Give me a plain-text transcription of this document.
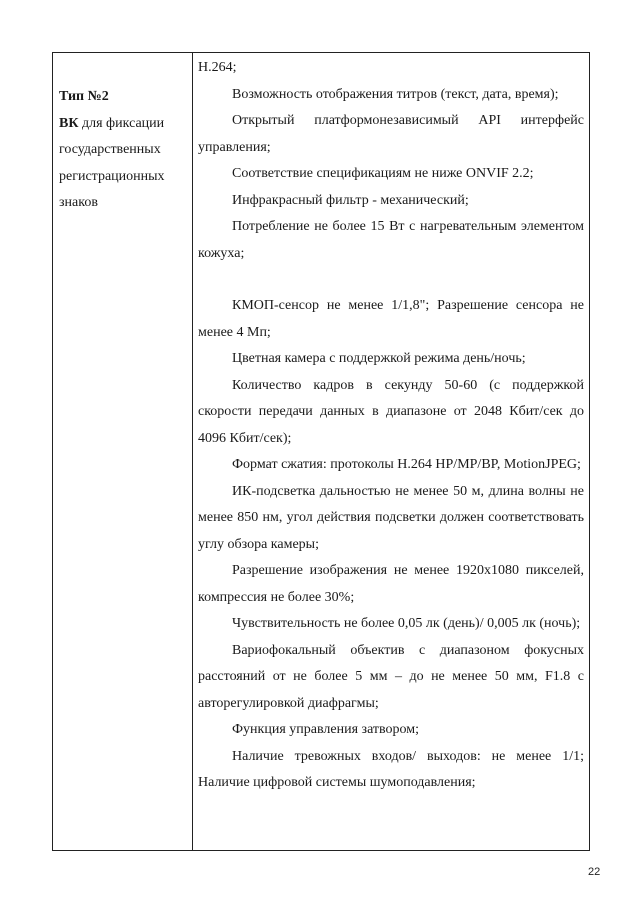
Тип №2
ВК для фиксации
государственных
регистрационных
знаков

Н.264;

Возможность отображения титров (текст, дата, время);

Открытый платформонезависимый API интерфейс управления;

Соответствие спецификациям не ниже ONVIF 2.2;

Инфракрасный фильтр - механический;

Потребление не более 15 Вт с нагревательным элементом кожуха;

КМОП-сенсор не менее 1/1,8"; Разрешение сенсора не менее 4 Мп;

Цветная камера с поддержкой режима день/ночь;

Количество кадров в секунду 50-60 (с поддержкой скорости передачи данных в диапазоне от 2048 Кбит/сек до 4096 Кбит/сек);

Формат сжатия: протоколы Н.264 HP/MP/BP, MotionJPEG;

ИК-подсветка дальностью не менее 50 м, длина волны не менее 850 нм, угол действия подсветки должен соответствовать углу обзора камеры;

Разрешение изображения не менее 1920x1080 пикселей, компрессия не более 30%;

Чувствительность не более 0,05 лк (день)/ 0,005 лк (ночь);

Вариофокальный объектив с диапазоном фокусных расстояний от не более 5 мм – до не менее 50 мм, F1.8 с авторегулировкой диафрагмы;

Функция управления затвором;

Наличие тревожных входов/ выходов: не менее 1/1; Наличие цифровой системы шумоподавления;

22
